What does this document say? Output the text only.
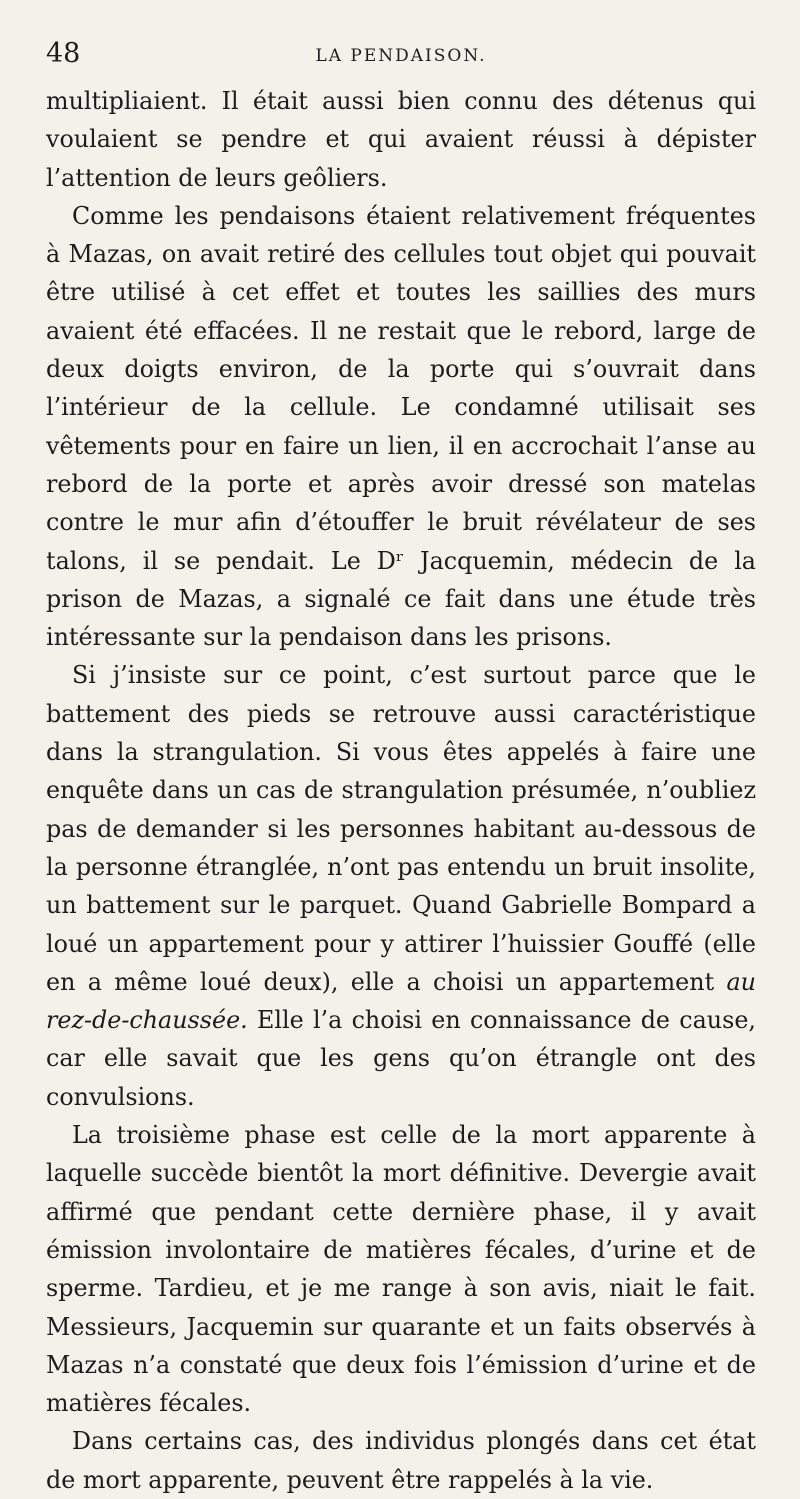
48	LA PENDAISON.

multipliaient. Il était aussi bien connu des détenus qui voulaient se pendre et qui avaient réussi à dépister l’attention de leurs geôliers.

Comme les pendaisons étaient relativement fréquentes à Mazas, on avait retiré des cellules tout objet qui pouvait être utilisé à cet effet et toutes les saillies des murs avaient été effacées. Il ne restait que le rebord, large de deux doigts environ, de la porte qui s’ouvrait dans l’intérieur de la cellule. Le condamné utilisait ses vêtements pour en faire un lien, il en accrochait l’anse au rebord de la porte et après avoir dressé son matelas contre le mur afin d’étouffer le bruit révélateur de ses talons, il se pendait. Le Dʳ Jacquemin, médecin de la prison de Mazas, a signalé ce fait dans une étude très intéressante sur la pendaison dans les prisons.

Si j’insiste sur ce point, c’est surtout parce que le battement des pieds se retrouve aussi caractéristique dans la strangulation. Si vous êtes appelés à faire une enquête dans un cas de strangulation présumée, n’oubliez pas de demander si les personnes habitant au-dessous de la personne étranglée, n’ont pas entendu un bruit insolite, un battement sur le parquet. Quand Gabrielle Bompard a loué un appartement pour y attirer l’huissier Gouffé (elle en a même loué deux), elle a choisi un appartement au rez-de-chaussée. Elle l’a choisi en connaissance de cause, car elle savait que les gens qu’on étrangle ont des convulsions.

La troisième phase est celle de la mort apparente à laquelle succède bientôt la mort définitive. Devergie avait affirmé que pendant cette dernière phase, il y avait émission involontaire de matières fécales, d’urine et de sperme. Tardieu, et je me range à son avis, niait le fait. Messieurs, Jacquemin sur quarante et un faits observés à Mazas n’a constaté que deux fois l’émission d’urine et de matières fécales.

Dans certains cas, des individus plongés dans cet état de mort apparente, peuvent être rappelés à la vie.
